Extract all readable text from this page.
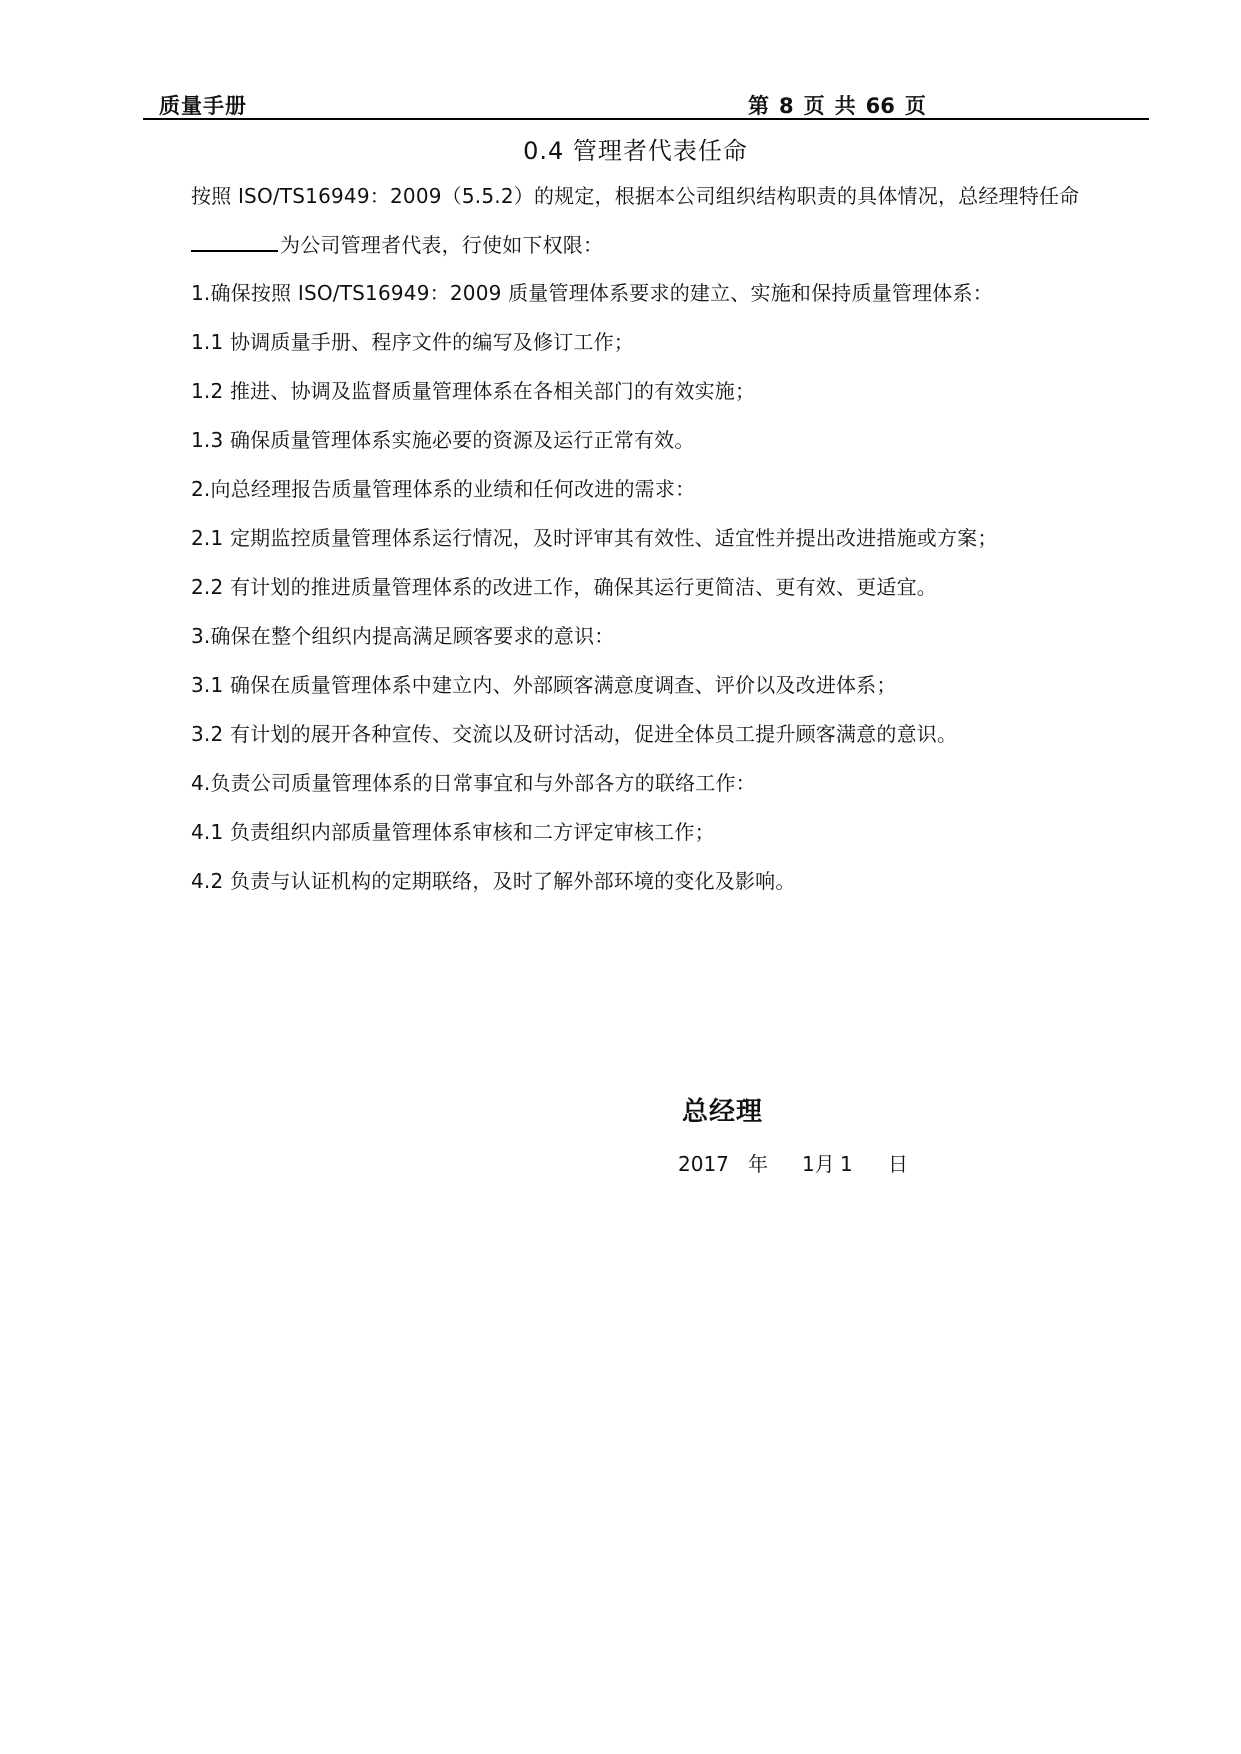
质量手册	第 8 页 共 66 页
0.4 管理者代表任命
按照 ISO/TS16949：2009（5.5.2）的规定，根据本公司组织结构职责的具体情况，总经理特任命
为公司管理者代表，行使如下权限：
1.确保按照 ISO/TS16949：2009 质量管理体系要求的建立、实施和保持质量管理体系：
1.1 协调质量手册、程序文件的编写及修订工作；
1.2 推进、协调及监督质量管理体系在各相关部门的有效实施；
1.3 确保质量管理体系实施必要的资源及运行正常有效。
2.向总经理报告质量管理体系的业绩和任何改进的需求：
2.1 定期监控质量管理体系运行情况，及时评审其有效性、适宜性并提出改进措施或方案；
2.2 有计划的推进质量管理体系的改进工作，确保其运行更简洁、更有效、更适宜。
3.确保在整个组织内提高满足顾客要求的意识：
3.1 确保在质量管理体系中建立内、外部顾客满意度调查、评价以及改进体系；
3.2 有计划的展开各种宣传、交流以及研讨活动，促进全体员工提升顾客满意的意识。
4.负责公司质量管理体系的日常事宜和与外部各方的联络工作：
4.1 负责组织内部质量管理体系审核和二方评定审核工作；
4.2 负责与认证机构的定期联络，及时了解外部环境的变化及影响。
总经理
2017 年 1月 1 日
